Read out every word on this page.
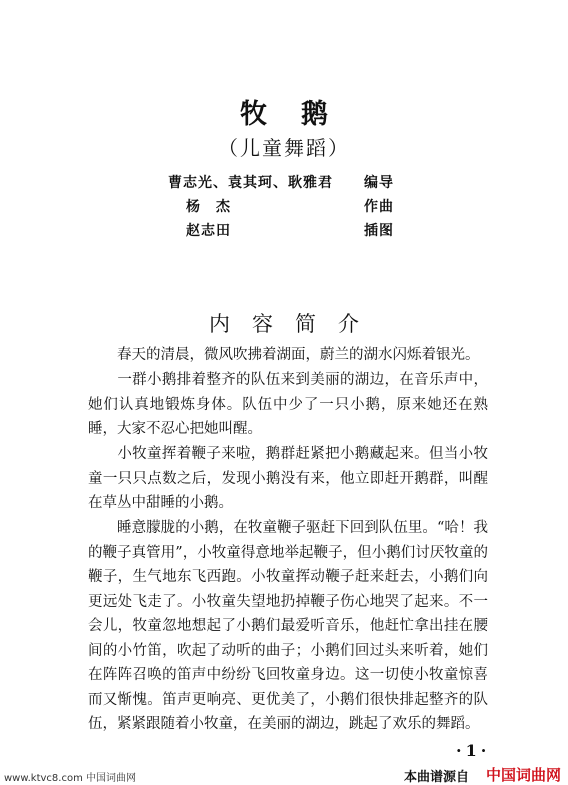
牧鹅
（儿童舞蹈）
曹志光、袁其珂、耿雅君	编导
杨　杰	作曲
赵志田	插图
内容简介
春天的清晨，微风吹拂着湖面，蔚兰的湖水闪烁着银光。
一群小鹅排着整齐的队伍来到美丽的湖边，在音乐声中，她们认真地锻炼身体。队伍中少了一只小鹅，原来她还在熟睡，大家不忍心把她叫醒。
小牧童挥着鞭子来啦，鹅群赶紧把小鹅藏起来。但当小牧童一只只点数之后，发现小鹅没有来，他立即赶开鹅群，叫醒在草丛中甜睡的小鹅。
睡意朦胧的小鹅，在牧童鞭子驱赶下回到队伍里。“哈！我的鞭子真管用”，小牧童得意地举起鞭子，但小鹅们讨厌牧童的鞭子，生气地东飞西跑。小牧童挥动鞭子赶来赶去，小鹅们向更远处飞走了。小牧童失望地扔掉鞭子伤心地哭了起来。不一会儿，牧童忽地想起了小鹅们最爱听音乐，他赶忙拿出挂在腰间的小竹笛，吹起了动听的曲子；小鹅们回过头来听着，她们在阵阵召唤的笛声中纷纷飞回牧童身边。这一切使小牧童惊喜而又惭愧。笛声更响亮、更优美了，小鹅们很快排起整齐的队伍，紧紧跟随着小牧童，在美丽的湖边，跳起了欢乐的舞蹈。
·1·
www.ktvc8.com 中国词曲网	本曲谱源自 中国词曲网
